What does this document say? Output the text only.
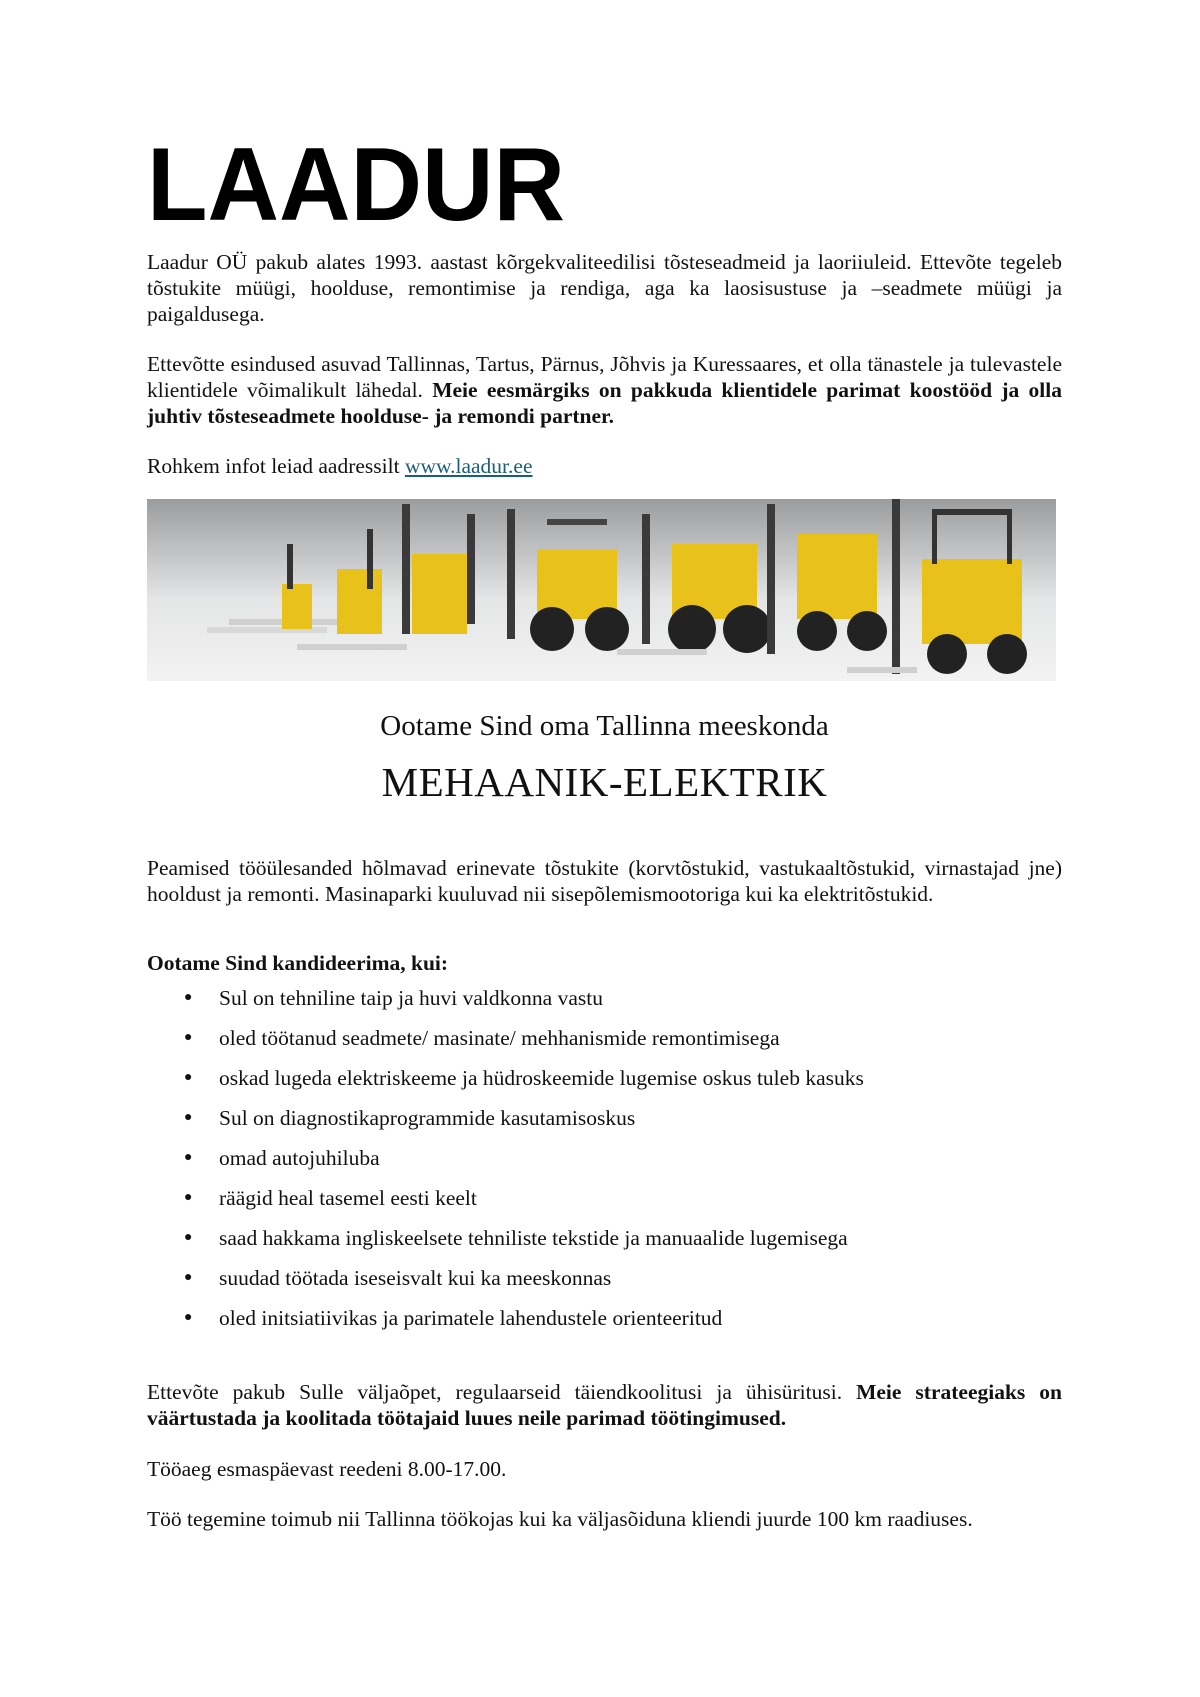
LAADUR

Laadur OÜ pakub alates 1993. aastast kõrgekvaliteedilisi tõsteseadmeid ja laoriiuleid. Ettevõte tegeleb tõstukite müügi, hoolduse, remontimise ja rendiga, aga ka laosisustuse ja –seadmete müügi ja paigaldusega.

Ettevõtte esindused asuvad Tallinnas, Tartus, Pärnus, Jõhvis ja Kuressaares, et olla tänastele ja tulevastele klientidele võimalikult lähedal. Meie eesmärgiks on pakkuda klientidele parimat koostööd ja olla juhtiv tõsteseadmete hoolduse- ja remondi partner.

Rohkem infot leiad aadressilt www.laadur.ee

Ootame Sind oma Tallinna meeskonda
MEHAANIK-ELEKTRIK

Peamised tööülesanded hõlmavad erinevate tõstukite (korvtõstukid, vastukaaltõstukid, virnastajad jne) hooldust ja remonti. Masinaparki kuuluvad nii sisepõlemismootoriga kui ka elektritõstukid.

Ootame Sind kandideerima, kui:
● Sul on tehniline taip ja huvi valdkonna vastu
● oled töötanud seadmete/ masinate/ mehhanismide remontimisega
● oskad lugeda elektriskeeme ja hüdroskeemide lugemise oskus tuleb kasuks
● Sul on diagnostikaprogrammide kasutamisoskus
● omad autojuhiluba
● räägid heal tasemel eesti keelt
● saad hakkama ingliskeelsete tehniliste tekstide ja manuaalide lugemisega
● suudad töötada iseseisvalt kui ka meeskonnas
● oled initsiatiivikas ja parimatele lahendustele orienteeritud

Ettevõte pakub Sulle väljaõpet, regulaarseid täiendkoolitusi ja ühisüritusi. Meie strateegiaks on väärtustada ja koolitada töötajaid luues neile parimad töötingimused.

Tööaeg esmaspäevast reedeni 8.00-17.00.

Töö tegemine toimub nii Tallinna töökojas kui ka väljasõiduna kliendi juurde 100 km raadiuses.
